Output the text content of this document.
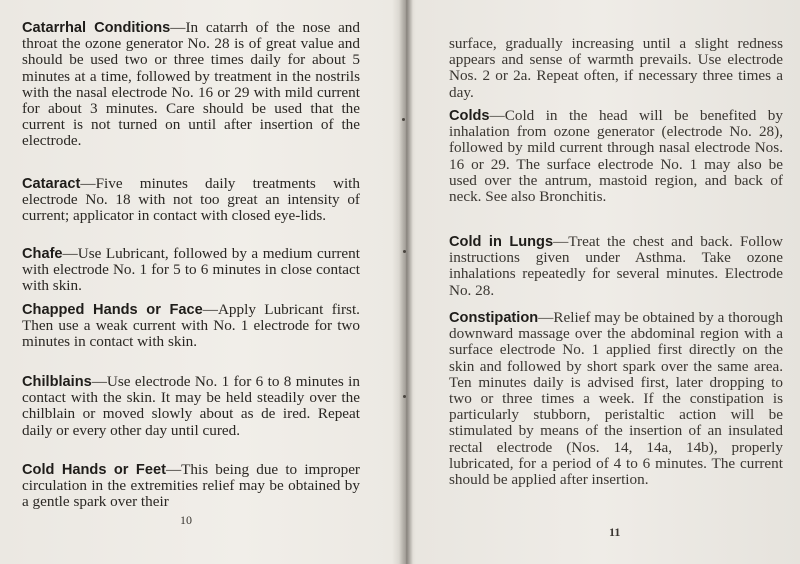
Catarrhal Conditions—In catarrh of the nose and throat the ozone generator No. 28 is of great value and should be used two or three times daily for about 5 minutes at a time, followed by treatment in the nostrils with the nasal electrode No. 16 or 29 with mild current for about 3 minutes. Care should be used that the current is not turned on until after insertion of the electrode.

Cataract—Five minutes daily treatments with electrode No. 18 with not too great an intensity of current; applicator in contact with closed eye-lids.

Chafe—Use Lubricant, followed by a medium current with electrode No. 1 for 5 to 6 minutes in close contact with skin.

Chapped Hands or Face—Apply Lubricant first. Then use a weak current with No. 1 electrode for two minutes in contact with skin.

Chilblains—Use electrode No. 1 for 6 to 8 minutes in contact with the skin. It may be held steadily over the chilblain or moved slowly about as de ired. Repeat daily or every other day until cured.

Cold Hands or Feet—This being due to improper circulation in the extremities relief may be obtained by a gentle spark over their

10

surface, gradually increasing until a slight redness appears and sense of warmth prevails. Use electrode Nos. 2 or 2a. Repeat often, if necessary three times a day.

Colds—Cold in the head will be benefited by inhalation from ozone generator (electrode No. 28), followed by mild current through nasal electrode Nos. 16 or 29. The surface electrode No. 1 may also be used over the antrum, mastoid region, and back of neck. See also Bronchitis.

Cold in Lungs—Treat the chest and back. Follow instructions given under Asthma. Take ozone inhalations repeatedly for several minutes. Electrode No. 28.

Constipation—Relief may be obtained by a thorough downward massage over the abdominal region with a surface electrode No. 1 applied first directly on the skin and followed by short spark over the same area. Ten minutes daily is advised first, later dropping to two or three times a week. If the constipation is particularly stubborn, peristaltic action will be stimulated by means of the insertion of an insulated rectal electrode (Nos. 14, 14a, 14b), properly lubricated, for a period of 4 to 6 minutes. The current should be applied after insertion.

11
